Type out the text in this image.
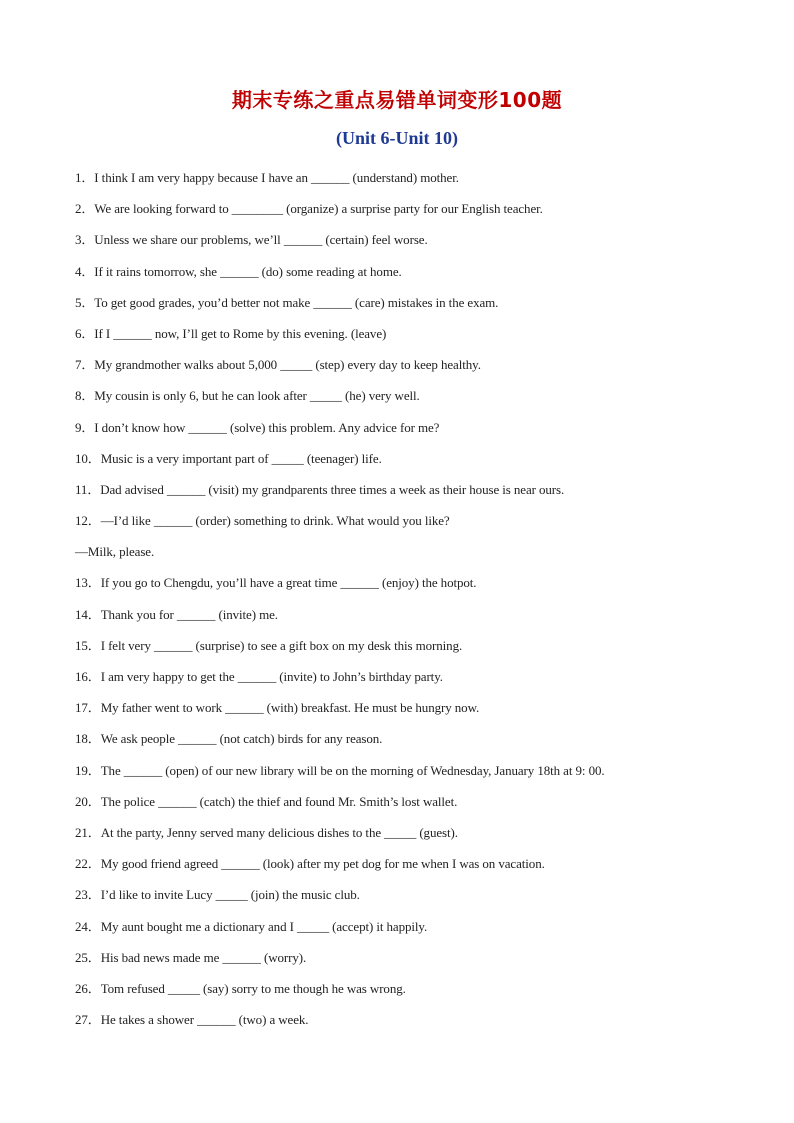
期末专练之重点易错单词变形100题
(Unit 6-Unit 10)
1．I think I am very happy because I have an ______ (understand) mother.
2．We are looking forward to ________ (organize) a surprise party for our English teacher.
3．Unless we share our problems, we’ll ______ (certain) feel worse.
4．If it rains tomorrow, she ______ (do) some reading at home.
5．To get good grades, you’d better not make ______ (care) mistakes in the exam.
6．If I ______ now, I’ll get to Rome by this evening. (leave)
7．My grandmother walks about 5,000 _____ (step) every day to keep healthy.
8．My cousin is only 6, but he can look after _____ (he) very well.
9．I don’t know how ______ (solve) this problem. Any advice for me?
10．Music is a very important part of _____ (teenager) life.
11．Dad advised ______ (visit) my grandparents three times a week as their house is near ours.
12．—I’d like ______ (order) something to drink. What would you like?
—Milk, please.
13．If you go to Chengdu, you’ll have a great time ______ (enjoy) the hotpot.
14．Thank you for ______ (invite) me.
15．I felt very ______ (surprise) to see a gift box on my desk this morning.
16．I am very happy to get the ______ (invite) to John’s birthday party.
17．My father went to work ______ (with) breakfast. He must be hungry now.
18．We ask people ______ (not catch) birds for any reason.
19．The ______ (open) of our new library will be on the morning of Wednesday, January 18th at 9: 00.
20．The police ______ (catch) the thief and found Mr. Smith’s lost wallet.
21．At the party, Jenny served many delicious dishes to the _____ (guest).
22．My good friend agreed ______ (look) after my pet dog for me when I was on vacation.
23．I’d like to invite Lucy _____ (join) the music club.
24．My aunt bought me a dictionary and I _____ (accept) it happily.
25．His bad news made me ______ (worry).
26．Tom refused _____ (say) sorry to me though he was wrong.
27．He takes a shower ______ (two) a week.
